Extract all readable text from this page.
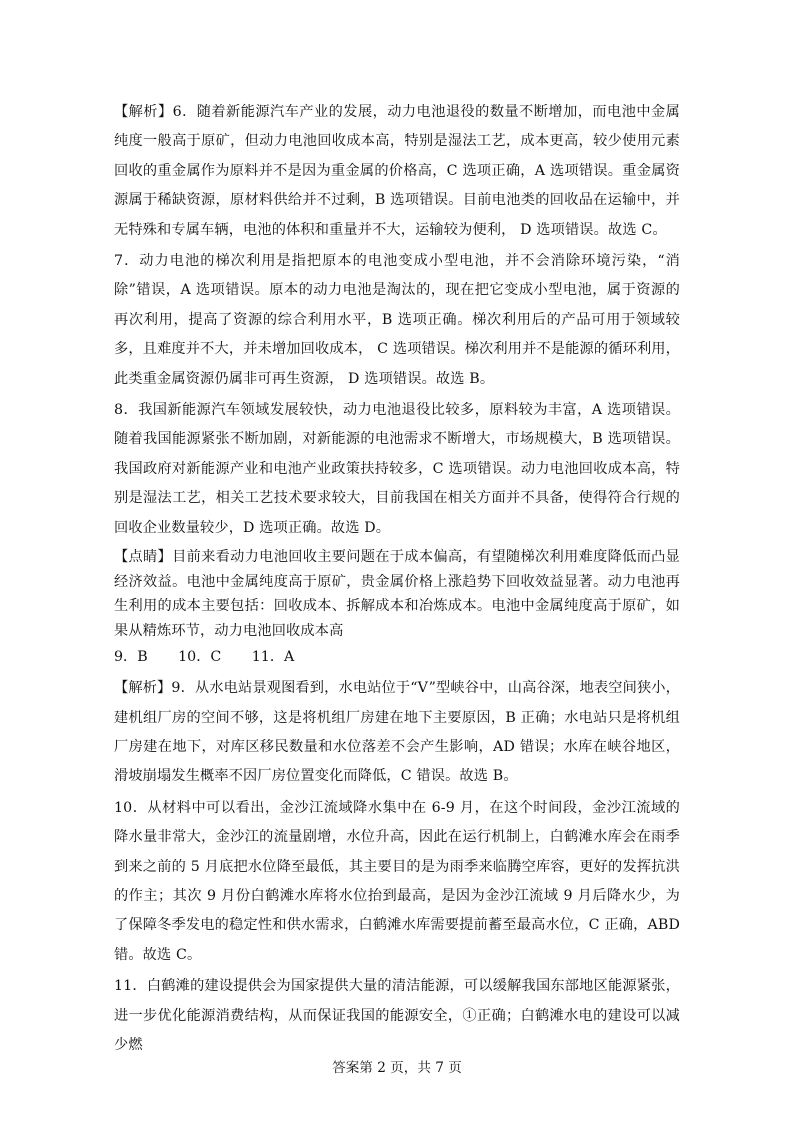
【解析】6．随着新能源汽车产业的发展，动力电池退役的数量不断增加，而电池中金属纯度一般高于原矿，但动力电池回收成本高，特别是湿法工艺，成本更高，较少使用元素回收的重金属作为原料并不是因为重金属的价格高，C 选项正确，A 选项错误。重金属资源属于稀缺资源，原材料供给并不过剩，B 选项错误。目前电池类的回收品在运输中，并无特殊和专属车辆，电池的体积和重量并不大，运输较为便利， D 选项错误。故选 C。

7．动力电池的梯次利用是指把原本的电池变成小型电池，并不会消除环境污染，“消除”错误，A 选项错误。原本的动力电池是淘汰的，现在把它变成小型电池，属于资源的再次利用，提高了资源的综合利用水平，B 选项正确。梯次利用后的产品可用于领域较多，且难度并不大，并未增加回收成本， C 选项错误。梯次利用并不是能源的循环利用，此类重金属资源仍属非可再生资源， D 选项错误。故选 B。

8．我国新能源汽车领域发展较快，动力电池退役比较多，原料较为丰富，A 选项错误。随着我国能源紧张不断加剧，对新能源的电池需求不断增大，市场规模大，B 选项错误。我国政府对新能源产业和电池产业政策扶持较多，C 选项错误。动力电池回收成本高，特别是湿法工艺，相关工艺技术要求较大，目前我国在相关方面并不具备，使得符合行规的回收企业数量较少，D 选项正确。故选 D。

【点睛】目前来看动力电池回收主要问题在于成本偏高，有望随梯次利用难度降低而凸显经济效益。电池中金属纯度高于原矿，贵金属价格上涨趋势下回收效益显著。动力电池再生利用的成本主要包括：回收成本、拆解成本和冶炼成本。电池中金属纯度高于原矿，如果从精炼环节，动力电池回收成本高

9．B 10．C 11．A

【解析】9．从水电站景观图看到，水电站位于“V”型峡谷中，山高谷深，地表空间狭小，建机组厂房的空间不够，这是将机组厂房建在地下主要原因，B 正确；水电站只是将机组厂房建在地下，对库区移民数量和水位落差不会产生影响，AD 错误；水库在峡谷地区，滑坡崩塌发生概率不因厂房位置变化而降低，C 错误。故选 B。

10．从材料中可以看出，金沙江流域降水集中在 6-9 月，在这个时间段，金沙江流域的降水量非常大，金沙江的流量剧增，水位升高，因此在运行机制上，白鹤滩水库会在雨季到来之前的 5 月底把水位降至最低，其主要目的是为雨季来临腾空库容，更好的发挥抗洪的作主；其次 9 月份白鹤滩水库将水位抬到最高，是因为金沙江流域 9 月后降水少，为了保障冬季发电的稳定性和供水需求，白鹤滩水库需要提前蓄至最高水位，C 正确，ABD 错。故选 C。

11．白鹤滩的建设提供会为国家提供大量的清洁能源，可以缓解我国东部地区能源紧张，进一步优化能源消费结构，从而保证我国的能源安全，①正确；白鹤滩水电的建设可以减少燃

答案第 2 页，共 7 页
